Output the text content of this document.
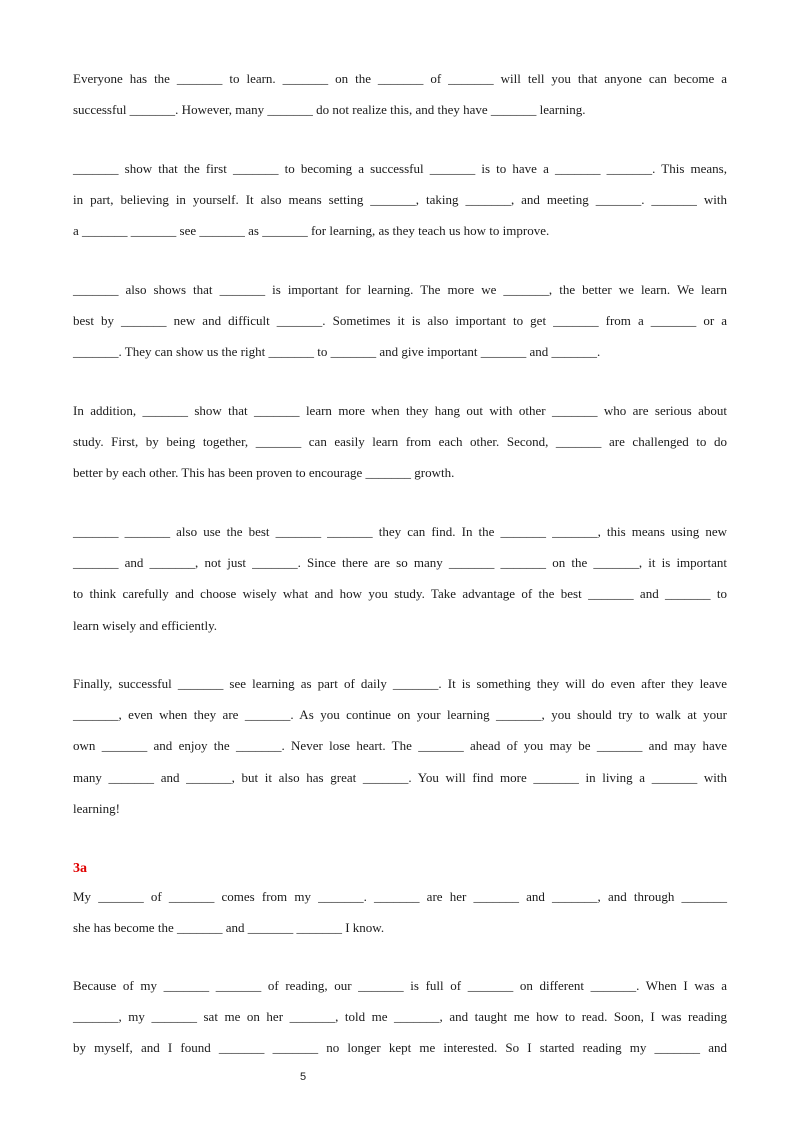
Everyone has the _______ to learn. _______ on the _______ of _______ will tell you that anyone can become a
successful _______. However, many _______ do not realize this, and they have _______ learning.
_______ show that the first _______ to becoming a successful _______ is to have a _______ _______. This means,
in part, believing in yourself. It also means setting _______, taking _______, and meeting _______. _______ with
a _______ _______ see _______ as _______ for learning, as they teach us how to improve.
_______ also shows that _______ is important for learning. The more we _______, the better we learn. We learn
best by _______ new and difficult _______. Sometimes it is also important to get _______ from a _______ or a
_______. They can show us the right _______ to _______ and give important _______ and _______.
In addition, _______ show that _______ learn more when they hang out with other _______ who are serious about
study. First, by being together, _______ can easily learn from each other. Second, _______ are challenged to do
better by each other. This has been proven to encourage _______ growth.
_______ _______ also use the best _______ _______ they can find. In the _______ _______, this means using new
_______ and _______, not just _______. Since there are so many _______ _______ on the _______, it is important
to think carefully and choose wisely what and how you study. Take advantage of the best _______ and _______ to
learn wisely and efficiently.
Finally, successful _______ see learning as part of daily _______. It is something they will do even after they leave
_______, even when they are _______. As you continue on your learning _______, you should try to walk at your
own _______ and enjoy the _______. Never lose heart. The _______ ahead of you may be _______ and may have
many _______ and _______, but it also has great _______. You will find more _______ in living a _______ with
learning!
3a
My _______ of _______ comes from my _______. _______ are her _______ and _______, and through _______
she has become the _______ and _______ _______ I know.
Because of my _______ _______ of reading, our _______ is full of _______ on different _______. When I was a
_______, my _______ sat me on her _______, told me _______, and taught me how to read. Soon, I was reading
by myself, and I found _______ _______ no longer kept me interested. So I started reading my _______ and
5
